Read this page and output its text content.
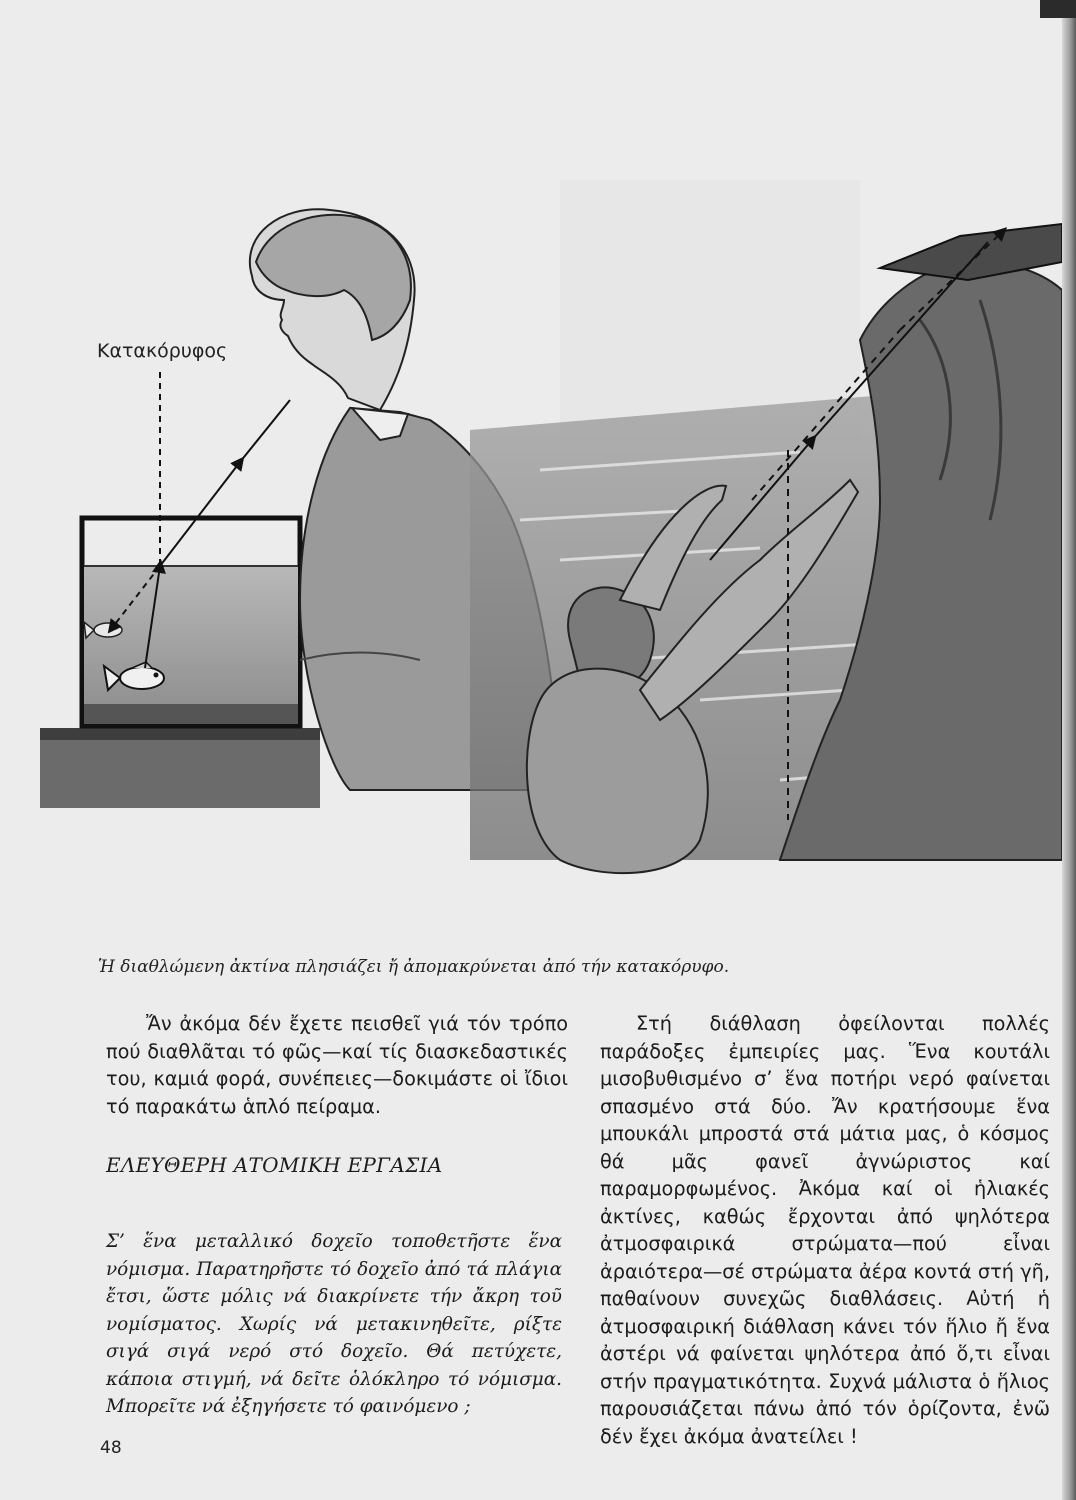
Κατακόρυφος
Ἡ διαθλώμενη ἀκτίνα πλησιάζει ἤ ἀπομακρύνεται ἀπό τήν κατακόρυφο.

Ἄν ἀκόμα δέν ἔχετε πεισθεῖ γιά τόν τρόπο πού διαθλᾶται τό φῶς—καί τίς διασκεδαστικές του, καμιά φορά, συνέπειες—δοκιμάστε οἱ ἴδιοι τό παρακάτω ἁπλό πείραμα.

ΕΛΕΥΘΕΡΗ ΑΤΟΜΙΚΗ ΕΡΓΑΣΙΑ

Σ’ ἕνα μεταλλικό δοχεῖο τοποθετῆστε ἕνα νόμισμα. Παρατηρῆστε τό δοχεῖο ἀπό τά πλάγια ἔτσι, ὥστε μόλις νά διακρίνετε τήν ἄκρη τοῦ νομίσματος. Χωρίς νά μετακινηθεῖτε, ρίξτε σιγά σιγά νερό στό δοχεῖο. Θά πετύχετε, κάποια στιγμή, νά δεῖτε ὁλόκληρο τό νόμισμα. Μπορεῖτε νά ἐξηγήσετε τό φαινόμενο ;

Στή διάθλαση ὀφείλονται πολλές παράδοξες ἐμπειρίες μας. Ἕνα κουτάλι μισοβυθισμένο σ’ ἕνα ποτήρι νερό φαίνεται σπασμένο στά δύο. Ἄν κρατήσουμε ἕνα μπουκάλι μπροστά στά μάτια μας, ὁ κόσμος θά μᾶς φανεῖ ἀγνώριστος καί παραμορφωμένος. Ἀκόμα καί οἱ ἡλιακές ἀκτίνες, καθώς ἔρχονται ἀπό ψηλότερα ἀτμοσφαιρικά στρώματα—πού εἶναι ἀραιότερα—σέ στρώματα ἀέρα κοντά στή γῆ, παθαίνουν συνεχῶς διαθλάσεις. Αὐτή ἡ ἀτμοσφαιρική διάθλαση κάνει τόν ἥλιο ἤ ἕνα ἀστέρι νά φαίνεται ψηλότερα ἀπό ὅ,τι εἶναι στήν πραγματικότητα. Συχνά μάλιστα ὁ ἥλιος παρουσιάζεται πάνω ἀπό τόν ὁρίζοντα, ἐνῶ δέν ἔχει ἀκόμα ἀνατείλει !

48
